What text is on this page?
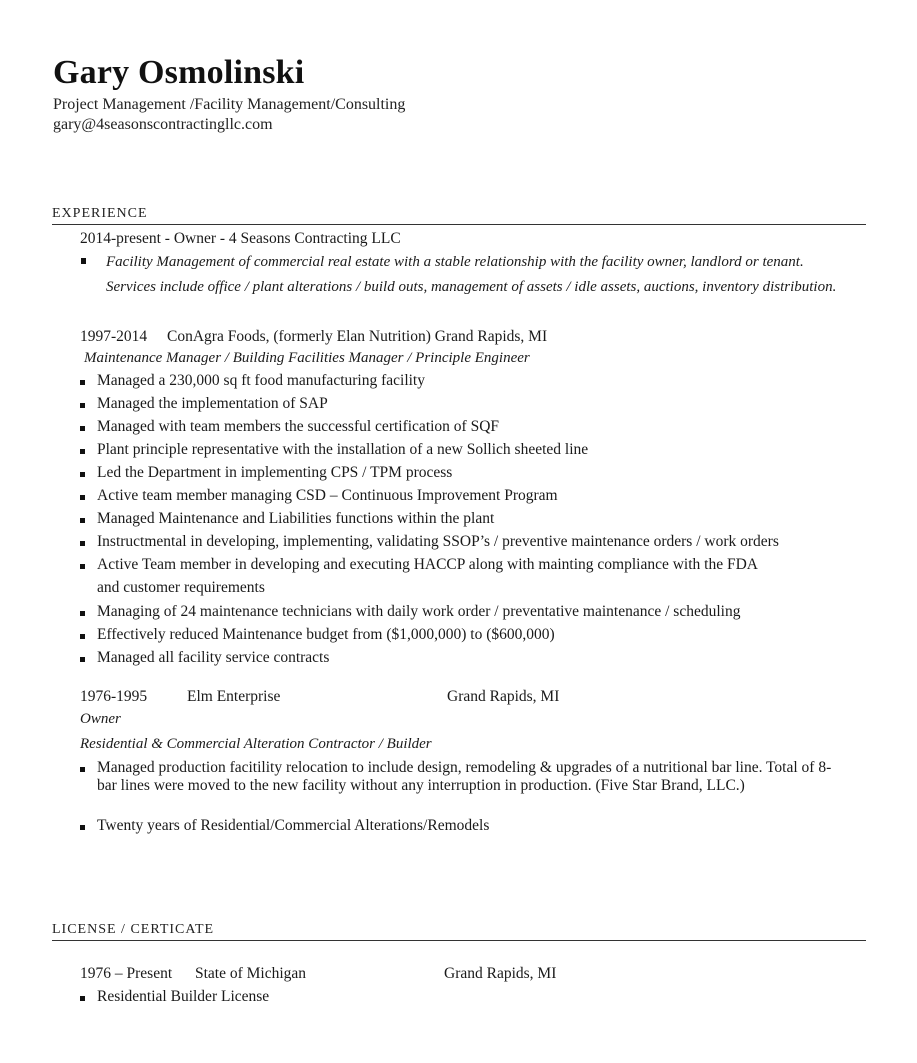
Gary Osmolinski
Project Management /Facility Management/Consulting
gary@4seasonscontractingllc.com
EXPERIENCE
2014-present - Owner - 4 Seasons Contracting LLC
Facility Management of commercial real estate with a stable relationship with the facility owner, landlord or tenant.
Services include office / plant alterations / build outs, management of assets / idle assets, auctions, inventory distribution.
1997-2014 ConAgra Foods, (formerly Elan Nutrition) Grand Rapids, MI
Maintenance Manager / Building Facilities Manager / Principle Engineer
Managed a 230,000 sq ft food manufacturing facility
Managed the implementation of SAP
Managed with team members the successful certification of SQF
Plant principle representative with the installation of a new Sollich sheeted line
Led the Department in implementing CPS / TPM process
Active team member managing CSD – Continuous Improvement Program
Managed Maintenance and Liabilities functions within the plant
Instructmental in developing, implementing, validating SSOP’s / preventive maintenance orders / work orders
Active Team member in developing and executing HACCP along with mainting compliance with the FDA
and customer requirements
Managing of 24 maintenance technicians with daily work order / preventative maintenance / scheduling
Effectively reduced Maintenance budget from ($1,000,000) to ($600,000)
Managed all facility service contracts
1976-1995	Elm Enterprise	Grand Rapids, MI
Owner
Residential & Commercial Alteration Contractor / Builder
Managed production facitility relocation to include design, remodeling & upgrades of a nutritional bar line. Total of 8-
bar lines were moved to the new facility without any interruption in production. (Five Star Brand, LLC.)
Twenty years of Residential/Commercial Alterations/Remodels
LICENSE / CERTICATE
1976 – Present State of Michigan	Grand Rapids, MI
Residential Builder License
